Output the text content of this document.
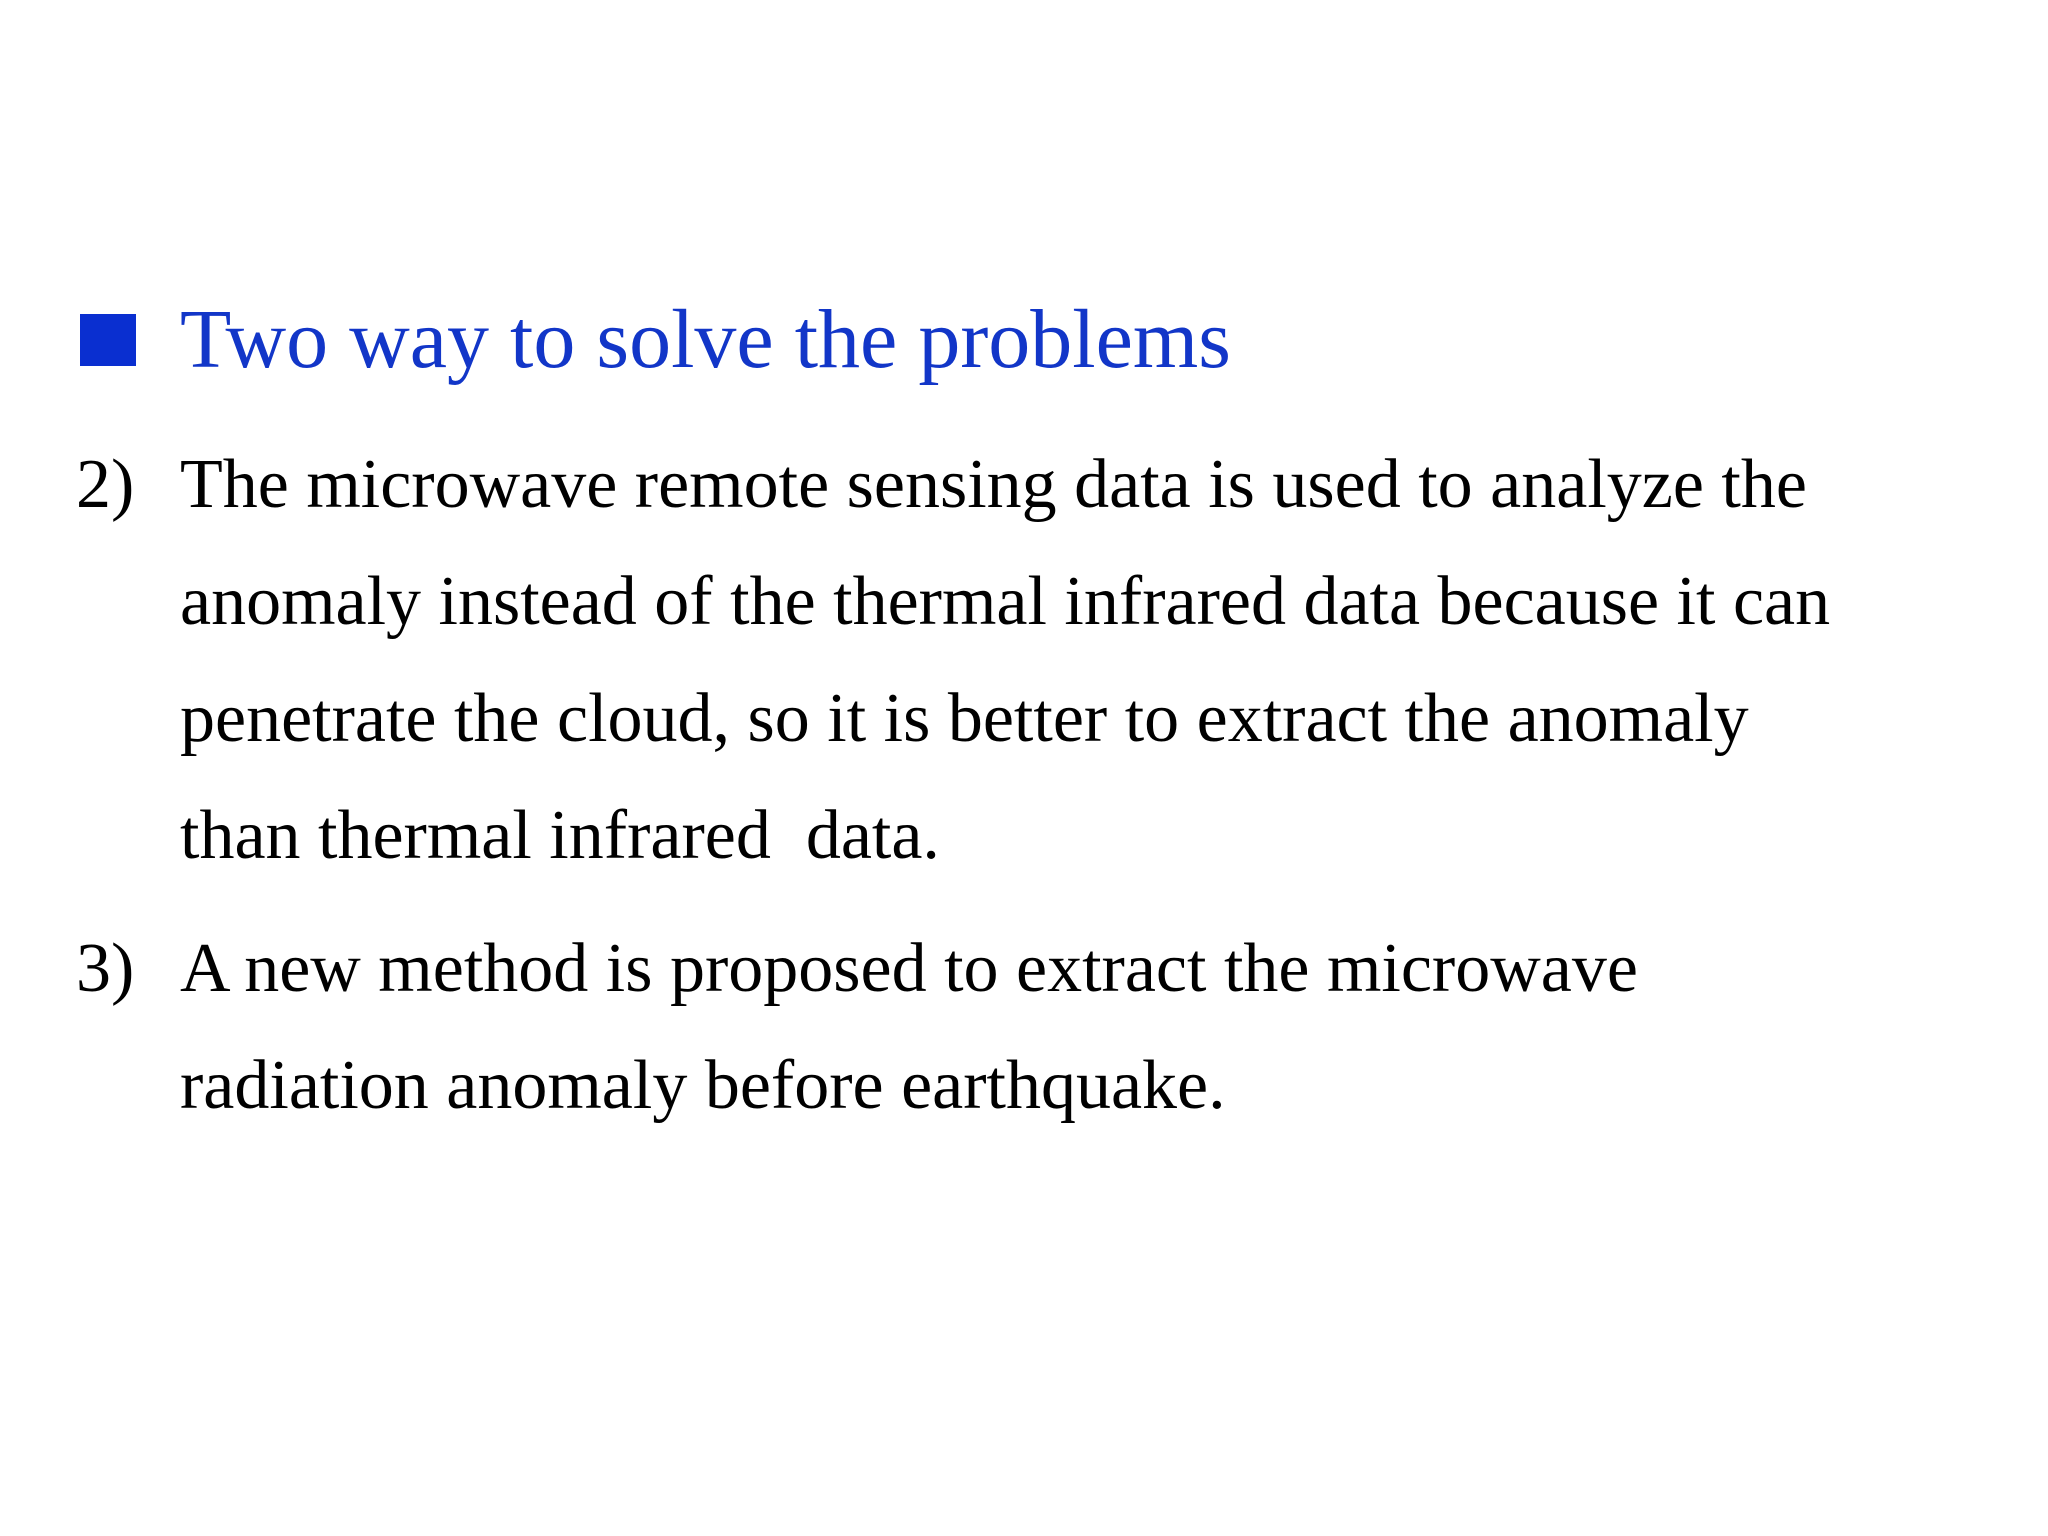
Two way to solve the problems
2) The microwave remote sensing data is used to analyze the
anomaly instead of the thermal infrared data because it can
penetrate the cloud, so it is better to extract the anomaly
than thermal infrared  data.
3) A new method is proposed to extract the microwave
radiation anomaly before earthquake.
